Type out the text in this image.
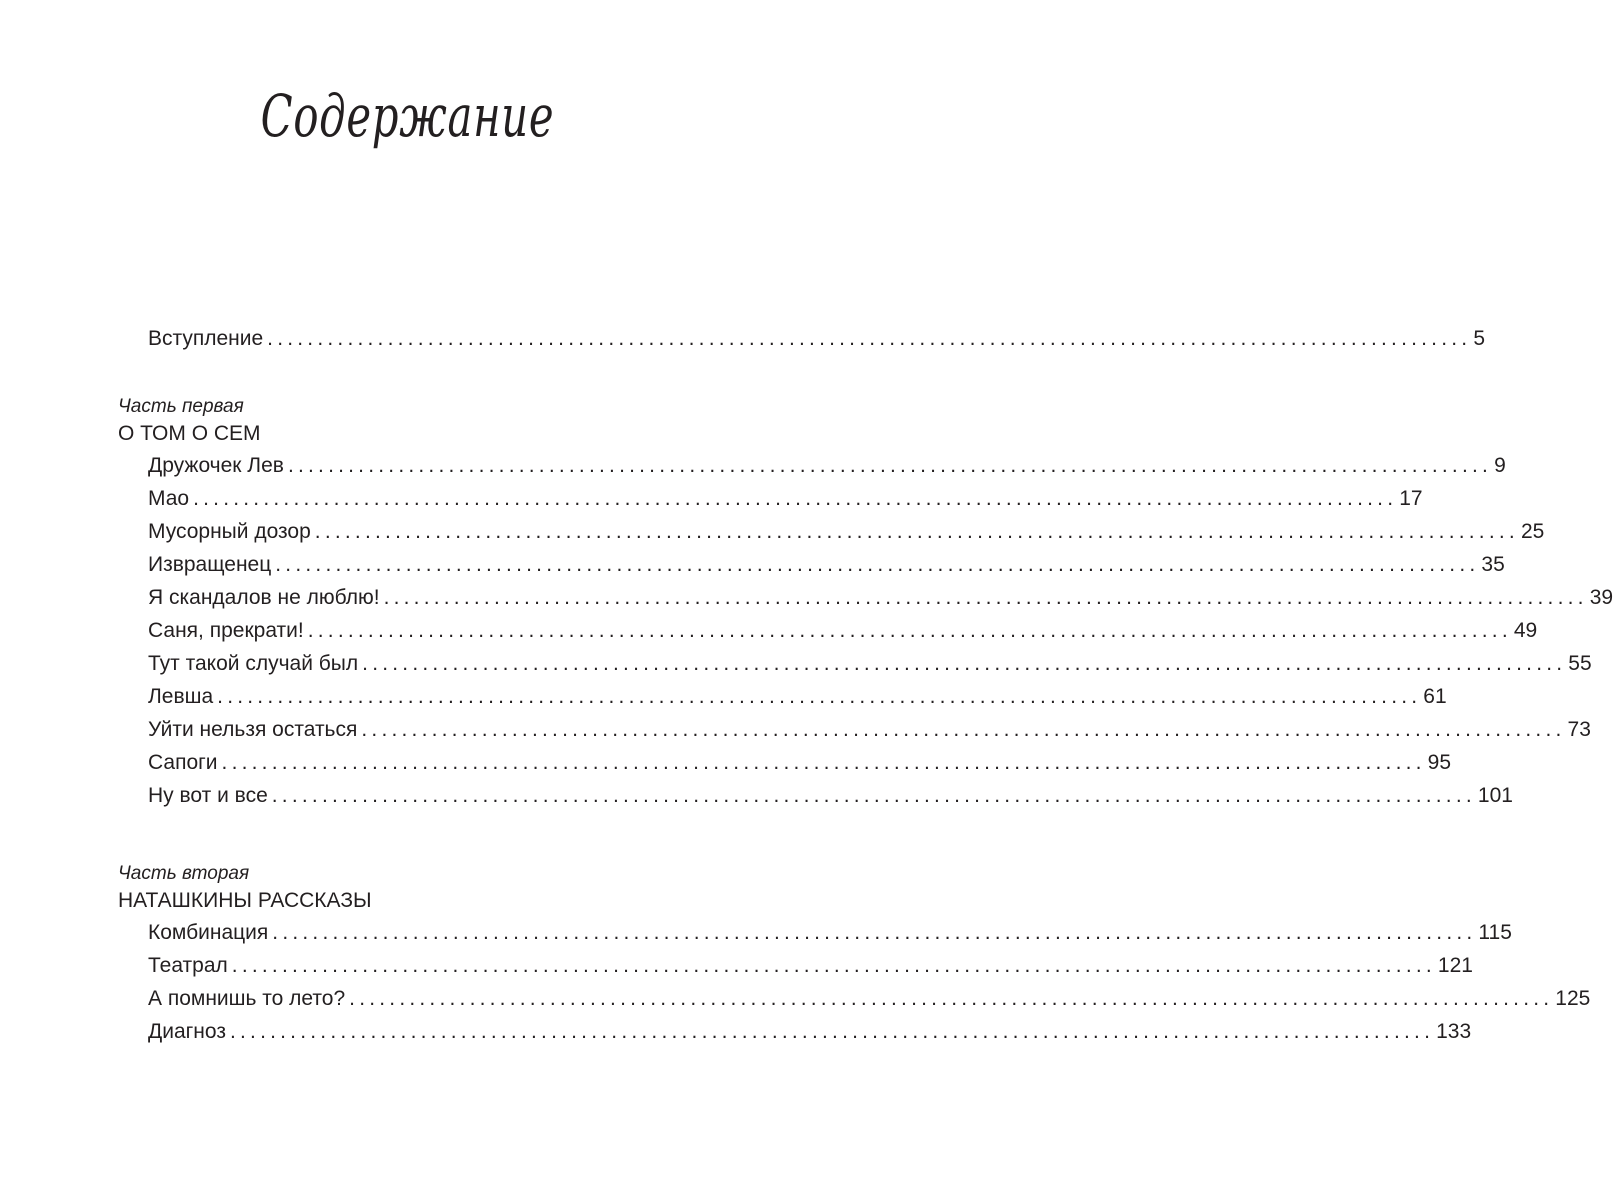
Содержание
Вступление ........................................................................................................................ 5
Часть первая
О ТОМ О СЕМ
Дружочек Лев ........................................................................................................................ 9
Мао ........................................................................................................................ 17
Мусорный дозор ........................................................................................................................ 25
Извращенец ........................................................................................................................ 35
Я скандалов не люблю! ........................................................................................................................ 39
Саня, прекрати! ........................................................................................................................ 49
Тут такой случай был ........................................................................................................................ 55
Левша ........................................................................................................................ 61
Уйти нельзя остаться ........................................................................................................................ 73
Сапоги ........................................................................................................................ 95
Ну вот и все ........................................................................................................................ 101
Часть вторая
НАТАШКИНЫ РАССКАЗЫ
Комбинация ........................................................................................................................ 115
Театрал ........................................................................................................................ 121
А помнишь то лето? ........................................................................................................................ 125
Диагноз ........................................................................................................................ 133
